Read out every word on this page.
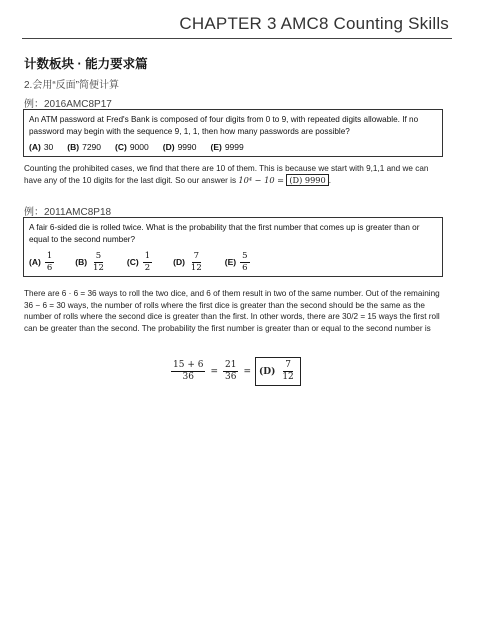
CHAPTER 3 AMC8 Counting Skills
计数板块 · 能力要求篇
2.会用“反面”简便计算
例：2016AMC8P17
An ATM password at Fred's Bank is composed of four digits from 0 to 9, with repeated digits allowable. If no password may begin with the sequence 9, 1, 1, then how many passwords are possible?
(A) 30 (B) 7290 (C) 9000 (D) 9990 (E) 9999
Counting the prohibited cases, we find that there are 10 of them. This is because we start with 9,1,1 and we can have any of the 10 digits for the last digit. So our answer is 10⁴ − 10 = (D) 9990 .
例：2011AMC8P18
A fair 6-sided die is rolled twice. What is the probability that the first number that comes up is greater than or equal to the second number?
$(A) \frac{1}{6} (B) \frac{5}{12} (C) \frac{1}{2} (D) \frac{7}{12} (E) \frac{5}{6}$
There are 6 · 6 = 36 ways to roll the two dice, and 6 of them result in two of the same number. Out of the remaining 36 − 6 = 30 ways, the number of rolls where the first dice is greater than the second should be the same as the number of rolls where the second dice is greater than the first. In other words, there are 30/2 = 15 ways the first roll can be greater than the second. The probability the first number is greater than or equal to the second number is
$\frac{15 + 6}{36} = \frac{21}{36} = (D) \frac{7}{12}$
